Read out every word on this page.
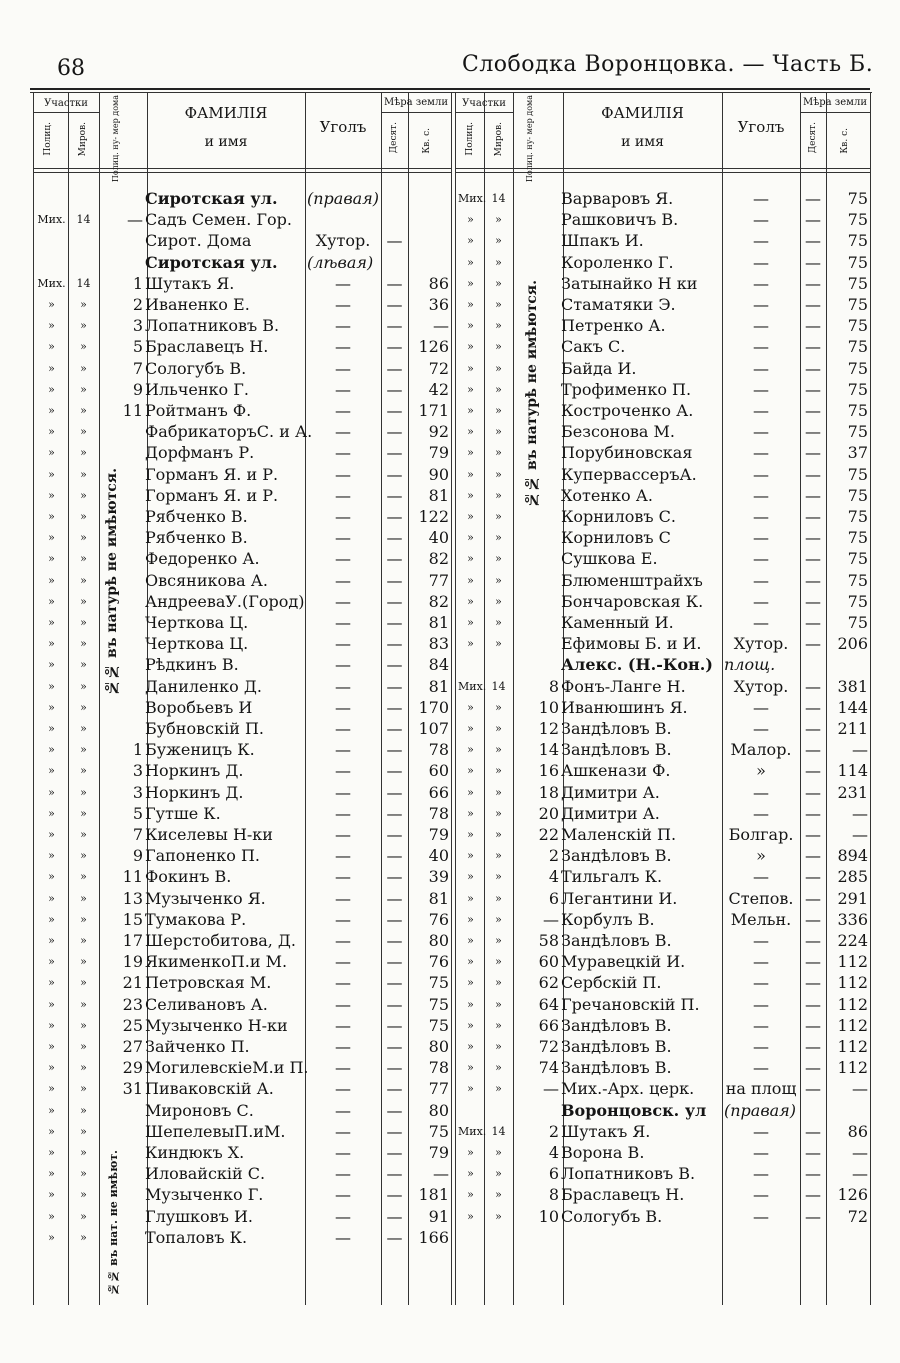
68	Слободка Воронцовка. — Часть Б.
Участки
Полиц.	Миров.	Полиц. ну- мер дома	ФАМИЛІЯ
и имя
Уголъ
Мѣра земли
Десят.	Кв. с.
Участки
Полиц. Миров.	Полиц. ну- мер дома	ФАМИЛІЯ
и имя
Уголъ
Мѣра земли
Десят. Кв. с.
Сиротская ул.	(правая)
Мих. 14	— Садъ Семен. Гор.
Сирот. Дома	Хутор.	—
Сиротская ул.	(лѣвая)
Мих. 14	1 Шутакъ Я.	—	—	86
»	»	2 Иваненко Е.	—	—	36
»	»	3 Лопатниковъ В.	—	—	—
»	»	5 Браславецъ Н.	—	— 126
»	»	7 Сологубъ В.	—	—	72
»	»	9 Ильченко Г.	—	—	42
»	»	11 Ройтманъ Ф.	—	— 171
»	»	ФабрикаторъС. и А.	—	—	92
»	»	Дорфманъ Р.	—	—	79
»	»	Горманъ Я. и Р.	—	—	90
»	»	Горманъ Я. и Р.	—	—	81
»	»	Рябченко В.	—	— 122
»	»	Рябченко В.	—	—	40
»	»	Федоренко А.	—	—	82
»	»	Овсяникова А.	—	—	77
»	»	АндрееваУ.(Город)	—	—	82
»	»	Черткова Ц.	—	—	81
»	»	Черткова Ц.	—	—	83
»	»	Рѣдкинъ В.	—	—	84
»	»	Даниленко Д.	—	—	81
»	»	Воробьевъ И	—	— 170
»	»	Бубновскій П.	—	— 107
»	»	1 Буженицъ К.	—	—	78
»	»	3 Норкинъ Д.	—	—	60
»	»	3 Норкинъ Д.	—	—	66
»	»	5 Гутше К.	—	—	78
»	»	7 Киселевы Н-ки	—	—	79
»	»	9 Гапоненко П.	—	—	40
»	»	11 Фокинъ В.	—	—	39
»	»	13 Музыченко Я.	—	—	81
»	»	15 Тумакова Р.	—	—	76
»	»	17 Шерстобитова, Д.	—	—	80
»	»	19 ЯкименкоП.и М.	—	—	76
»	»	21 Петровская М.	—	—	75
»	»	23 Селивановъ А.	—	—	75
»	»	25 Музыченко Н-ки	—	—	75
»	»	27 Зайченко П.	—	—	80
»	»	29 МогилевскіеМ.и П.	—	—	78
»	»	31 Пиваковскій А.	—	—	77
»	»	Мироновъ С.	—	—	80
»	»	ШепелевыП.иМ.	—	—	75
»	»	Киндюкъ Х.	—	—	79
»	»	Иловайскій С.	—	—	—
»	»	Музыченко Г.	—	— 181
»	»	Глушковъ И.	—	—	91
»	»	Топаловъ К.	—	— 166
Мих. 14	Варваровъ Я.	—	—	75
»	»	Рашковичъ В.	—	—	75
»	»	Шпакъ И.	—	—	75
»	»	Короленко Г.	—	—	75
»	»	Затынайко Н ки	—	—	75
»	»	Стаматяки Э.	—	—	75
»	»	Петренко А.	—	—	75
»	»	Сакъ С.	—	—	75
»	»	Байда И.	—	—	75
»	»	Трофименко П.	—	—	75
»	»	Костроченко А.	—	—	75
»	»	Безсонова М.	—	—	75
»	»	Порубиновская	—	—	37
»	»	КупервассеръА.	—	—	75
»	»	Хотенко А.	—	—	75
»	»	Корниловъ С.	—	—	75
»	»	Корниловъ С	—	—	75
»	»	Сушкова Е.	—	—	75
»	»	Блюменштрайхъ	—	—	75
»	»	Бончаровская К.	—	—	75
»	»	Каменный И.	—	—	75
»	»	Ефимовы Б. и И.	Хутор.	—	206
Алекс. (Н.-Кон.) площ.
Мих. 14	8 Фонъ-Ланге Н.	Хутор.	—	381
»	»	10 Иванюшинъ Я.	—	—	144
»	»	12 Зандѣловъ В.	—	—	211
»	»	14 Зандѣловъ В.	Малор. —	—
»	»	16 Ашкенази Ф.	»	—	114
»	»	18 Димитри А.	—	—	231
»	»	20 Димитри А.	—	—	—
»	»	22 Маленскій П.	Болгар. —	—
»	»	2 Зандѣловъ В.	»	—	894
»	»	4 Тильгалъ К.	—	—	285
»	»	6 Легантини И.	Степов. —	291
»	»	— Корбулъ В.	Мельн. —	336
»	»	58 Зандѣловъ В.	—	—	224
»	»	60 Муравецкій И.	—	—	112
»	»	62 Сербскій П.	—	—	112
»	»	64 Гречановскій П.	—	—	112
»	»	66 Зандѣловъ В.	—	—	112
»	»	72 Зандѣловъ В.	—	—	112
»	»	74 Зандѣловъ В.	—	—	112
»	»	— Мих.-Арх. церк.	на площ —	—
Воронцовск. ул	(правая)
Мих. 14	2 Шутакъ Я.	—	—	86
»	»	4 Ворона В.	—	—	—
»	»	6 Лопатниковъ В.	—	—	—
»	»	8 Браславецъ Н.	—	—	126
»	»	10 Сологубъ В.	—	—	72
№№ въ натурѣ не имѣются.
№№ въ нат. не имѣют.
№№ въ натурѣ не имѣются.
